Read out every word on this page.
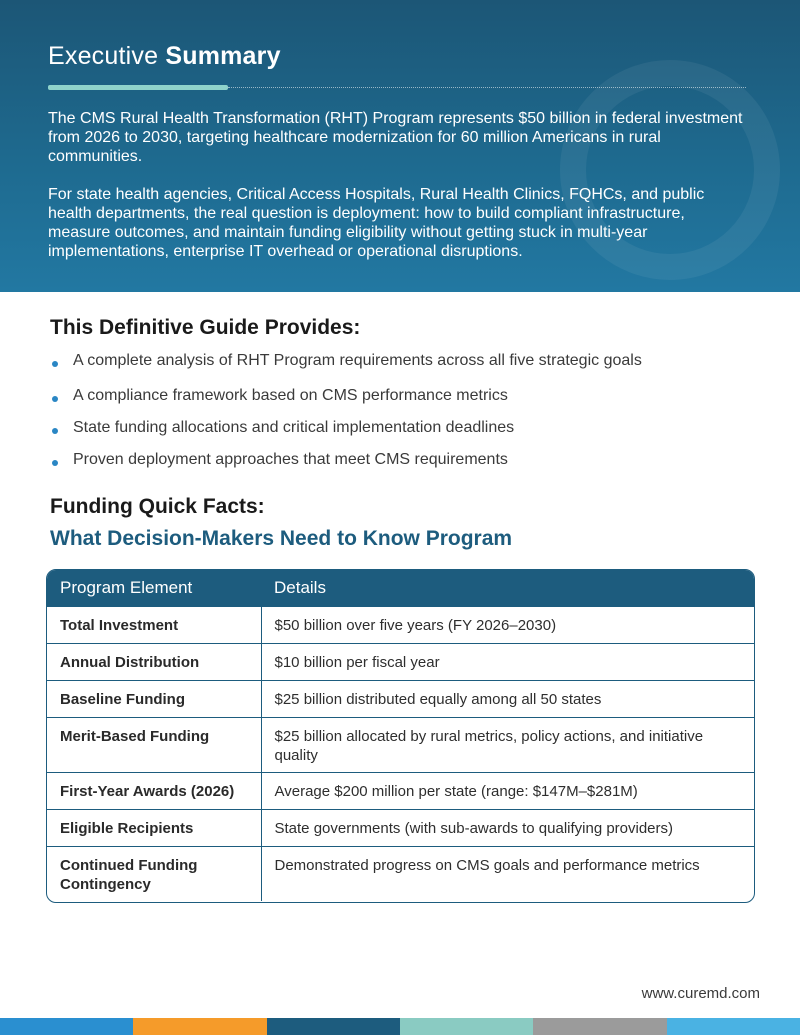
Executive Summary

The CMS Rural Health Transformation (RHT) Program represents $50 billion in federal investment from 2026 to 2030, targeting healthcare modernization for 60 million Americans in rural communities.

For state health agencies, Critical Access Hospitals, Rural Health Clinics, FQHCs, and public health departments, the real question is deployment: how to build compliant infrastructure, measure outcomes, and maintain funding eligibility without getting stuck in multi-year implementations, enterprise IT overhead or operational disruptions.

This Definitive Guide Provides:
A complete analysis of RHT Program requirements across all five strategic goals
A compliance framework based on CMS performance metrics
State funding allocations and critical implementation deadlines
Proven deployment approaches that meet CMS requirements
Funding Quick Facts:
What Decision-Makers Need to Know Program
Program Element	Details
Total Investment	$50 billion over five years (FY 2026–2030)
Annual Distribution	$10 billion per fiscal year
Baseline Funding	$25 billion distributed equally among all 50 states
Merit-Based Funding	$25 billion allocated by rural metrics, policy actions, and initiative quality
First-Year Awards (2026)	Average $200 million per state (range: $147M–$281M)
Eligible Recipients	State governments (with sub-awards to qualifying providers)
Continued Funding Contingency	Demonstrated progress on CMS goals and performance metrics
www.curemd.com
